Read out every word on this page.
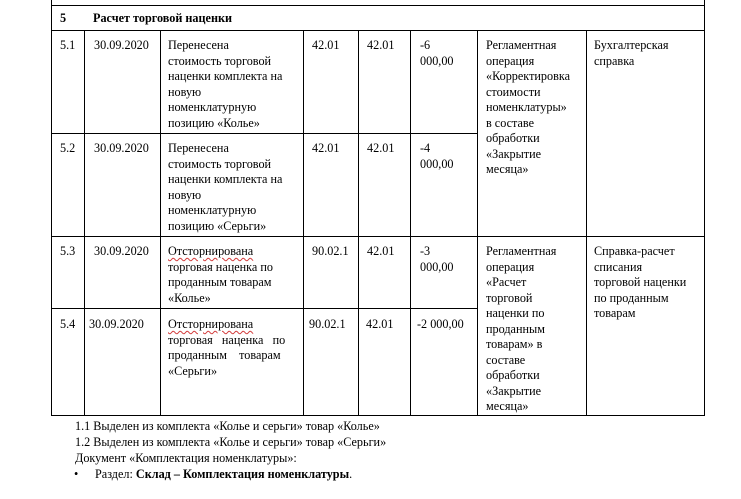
5 Расчет торговой наценки
5.1 30.09.2020 Перенесена
стоимость торговой
наценки комплекта на
новую
номенклатурную
позицию «Колье»
42.01 42.01 -6
000,00
5.2 30.09.2020 Перенесена
стоимость торговой
наценки комплекта на
новую
номенклатурную
позицию «Серьги»
42.01 42.01 -4
000,00
Регламентная
операция
«Корректировка
стоимости
номенклатуры»
в составе
обработки
«Закрытие
месяца»
Бухгалтерская справка
5.3 30.09.2020 Отсторнирована
торговая наценка по
проданным товарам
«Колье»
90.02.1 42.01 -3
000,00
5.4 30.09.2020 Отсторнирована
торговая   наценка   по
проданным    товарам
«Серьги»
90.02.1 42.01 -2 000,00
Регламентная
операция
«Расчет
торговой
наценки по
проданным
товарам» в
составе
обработки
«Закрытие
месяца»
Справка-расчет
списания
торговой наценки
по проданным
товарам
1.1 Выделен из комплекта «Колье и серьги» товар «Колье»
1.2 Выделен из комплекта «Колье и серьги» товар «Серьги»
Документ «Комплектация номенклатуры»:
• Раздел: Склад – Комплектация номенклатуры.
